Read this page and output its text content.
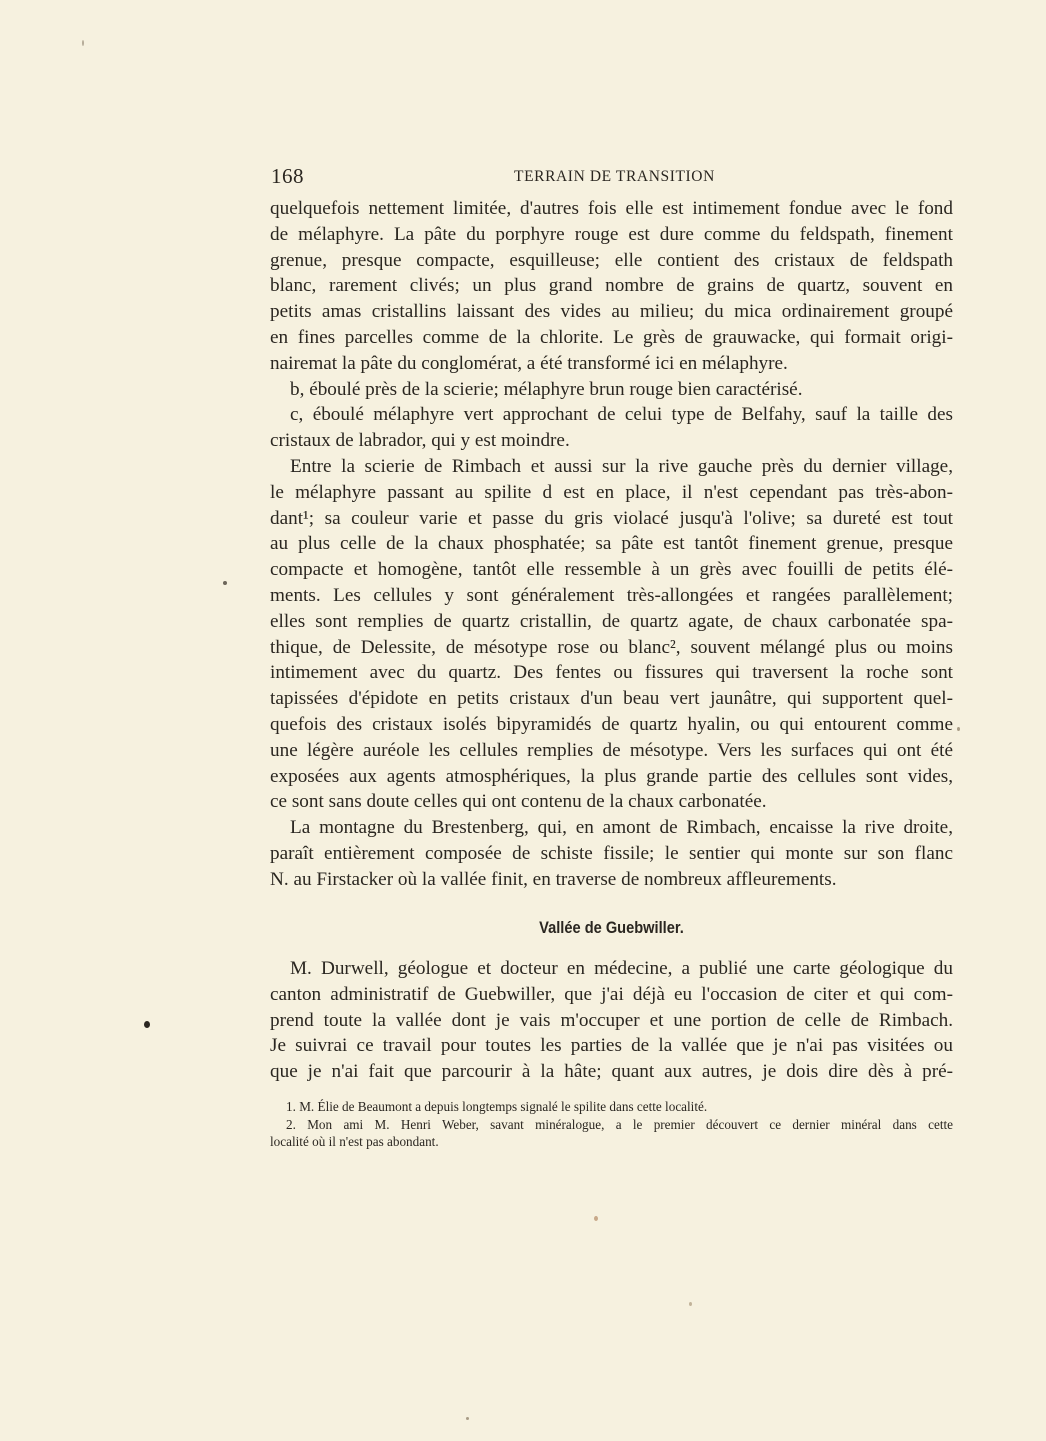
168	TERRAIN DE TRANSITION
quelquefois nettement limitée, d'autres fois elle est intimement fondue avec le fond
de mélaphyre. La pâte du porphyre rouge est dure comme du feldspath, finement
grenue, presque compacte, esquilleuse; elle contient des cristaux de feldspath
blanc, rarement clivés; un plus grand nombre de grains de quartz, souvent en
petits amas cristallins laissant des vides au milieu; du mica ordinairement groupé
en fines parcelles comme de la chlorite. Le grès de grauwacke, qui formait origi-
nairemat la pâte du conglomérat, a été transformé ici en mélaphyre.
b, éboulé près de la scierie; mélaphyre brun rouge bien caractérisé.
c, éboulé mélaphyre vert approchant de celui type de Belfahy, sauf la taille des
cristaux de labrador, qui y est moindre.
Entre la scierie de Rimbach et aussi sur la rive gauche près du dernier village,
le mélaphyre passant au spilite d est en place, il n'est cependant pas très-abon-
dant¹; sa couleur varie et passe du gris violacé jusqu'à l'olive; sa dureté est tout
au plus celle de la chaux phosphatée; sa pâte est tantôt finement grenue, presque
compacte et homogène, tantôt elle ressemble à un grès avec fouilli de petits élé-
ments. Les cellules y sont généralement très-allongées et rangées parallèlement;
elles sont remplies de quartz cristallin, de quartz agate, de chaux carbonatée spa-
thique, de Delessite, de mésotype rose ou blanc², souvent mélangé plus ou moins
intimement avec du quartz. Des fentes ou fissures qui traversent la roche sont
tapissées d'épidote en petits cristaux d'un beau vert jaunâtre, qui supportent quel-
quefois des cristaux isolés bipyramidés de quartz hyalin, ou qui entourent comme
une légère auréole les cellules remplies de mésotype. Vers les surfaces qui ont été
exposées aux agents atmosphériques, la plus grande partie des cellules sont vides,
ce sont sans doute celles qui ont contenu de la chaux carbonatée.
La montagne du Brestenberg, qui, en amont de Rimbach, encaisse la rive droite,
paraît entièrement composée de schiste fissile; le sentier qui monte sur son flanc
N. au Firstacker où la vallée finit, en traverse de nombreux affleurements.
Vallée de Guebwiller.
M. Durwell, géologue et docteur en médecine, a publié une carte géologique du
canton administratif de Guebwiller, que j'ai déjà eu l'occasion de citer et qui com-
prend toute la vallée dont je vais m'occuper et une portion de celle de Rimbach.
Je suivrai ce travail pour toutes les parties de la vallée que je n'ai pas visitées ou
que je n'ai fait que parcourir à la hâte; quant aux autres, je dois dire dès à pré-
1. M. Élie de Beaumont a depuis longtemps signalé le spilite dans cette localité.
2. Mon ami M. Henri Weber, savant minéralogue, a le premier découvert ce dernier minéral dans cette
localité où il n'est pas abondant.
